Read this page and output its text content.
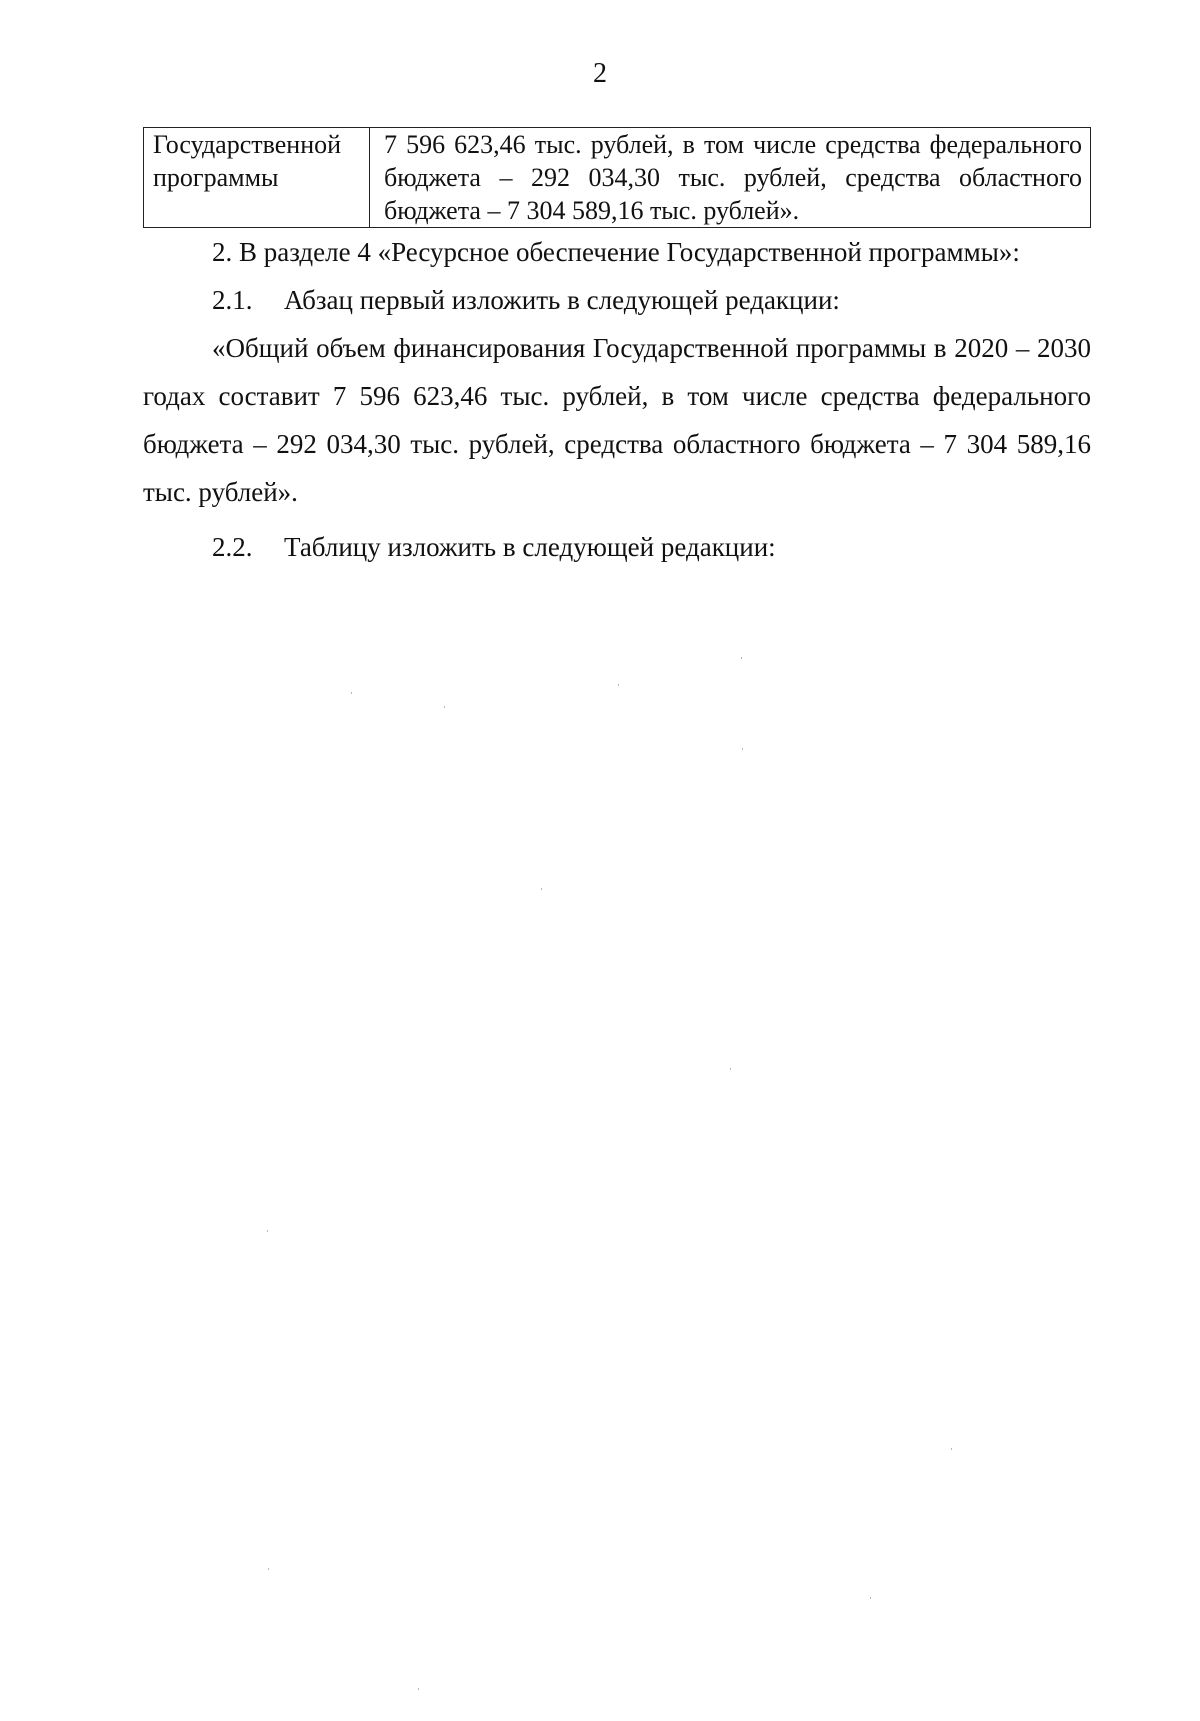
2
Государственной программы	7 596 623,46 тыс. рублей, в том числе средства федерального бюджета – 292 034,30 тыс. рублей, средства областного бюджета – 7 304 589,16 тыс. рублей».

2. В разделе 4 «Ресурсное обеспечение Государственной программы»:

2.1. Абзац первый изложить в следующей редакции:

«Общий объем финансирования Государственной программы в 2020 – 2030 годах составит 7 596 623,46 тыс. рублей, в том числе средства федерального бюджета – 292 034,30 тыс. рублей, средства областного бюджета – 7 304 589,16 тыс. рублей».

2.2. Таблицу изложить в следующей редакции:
